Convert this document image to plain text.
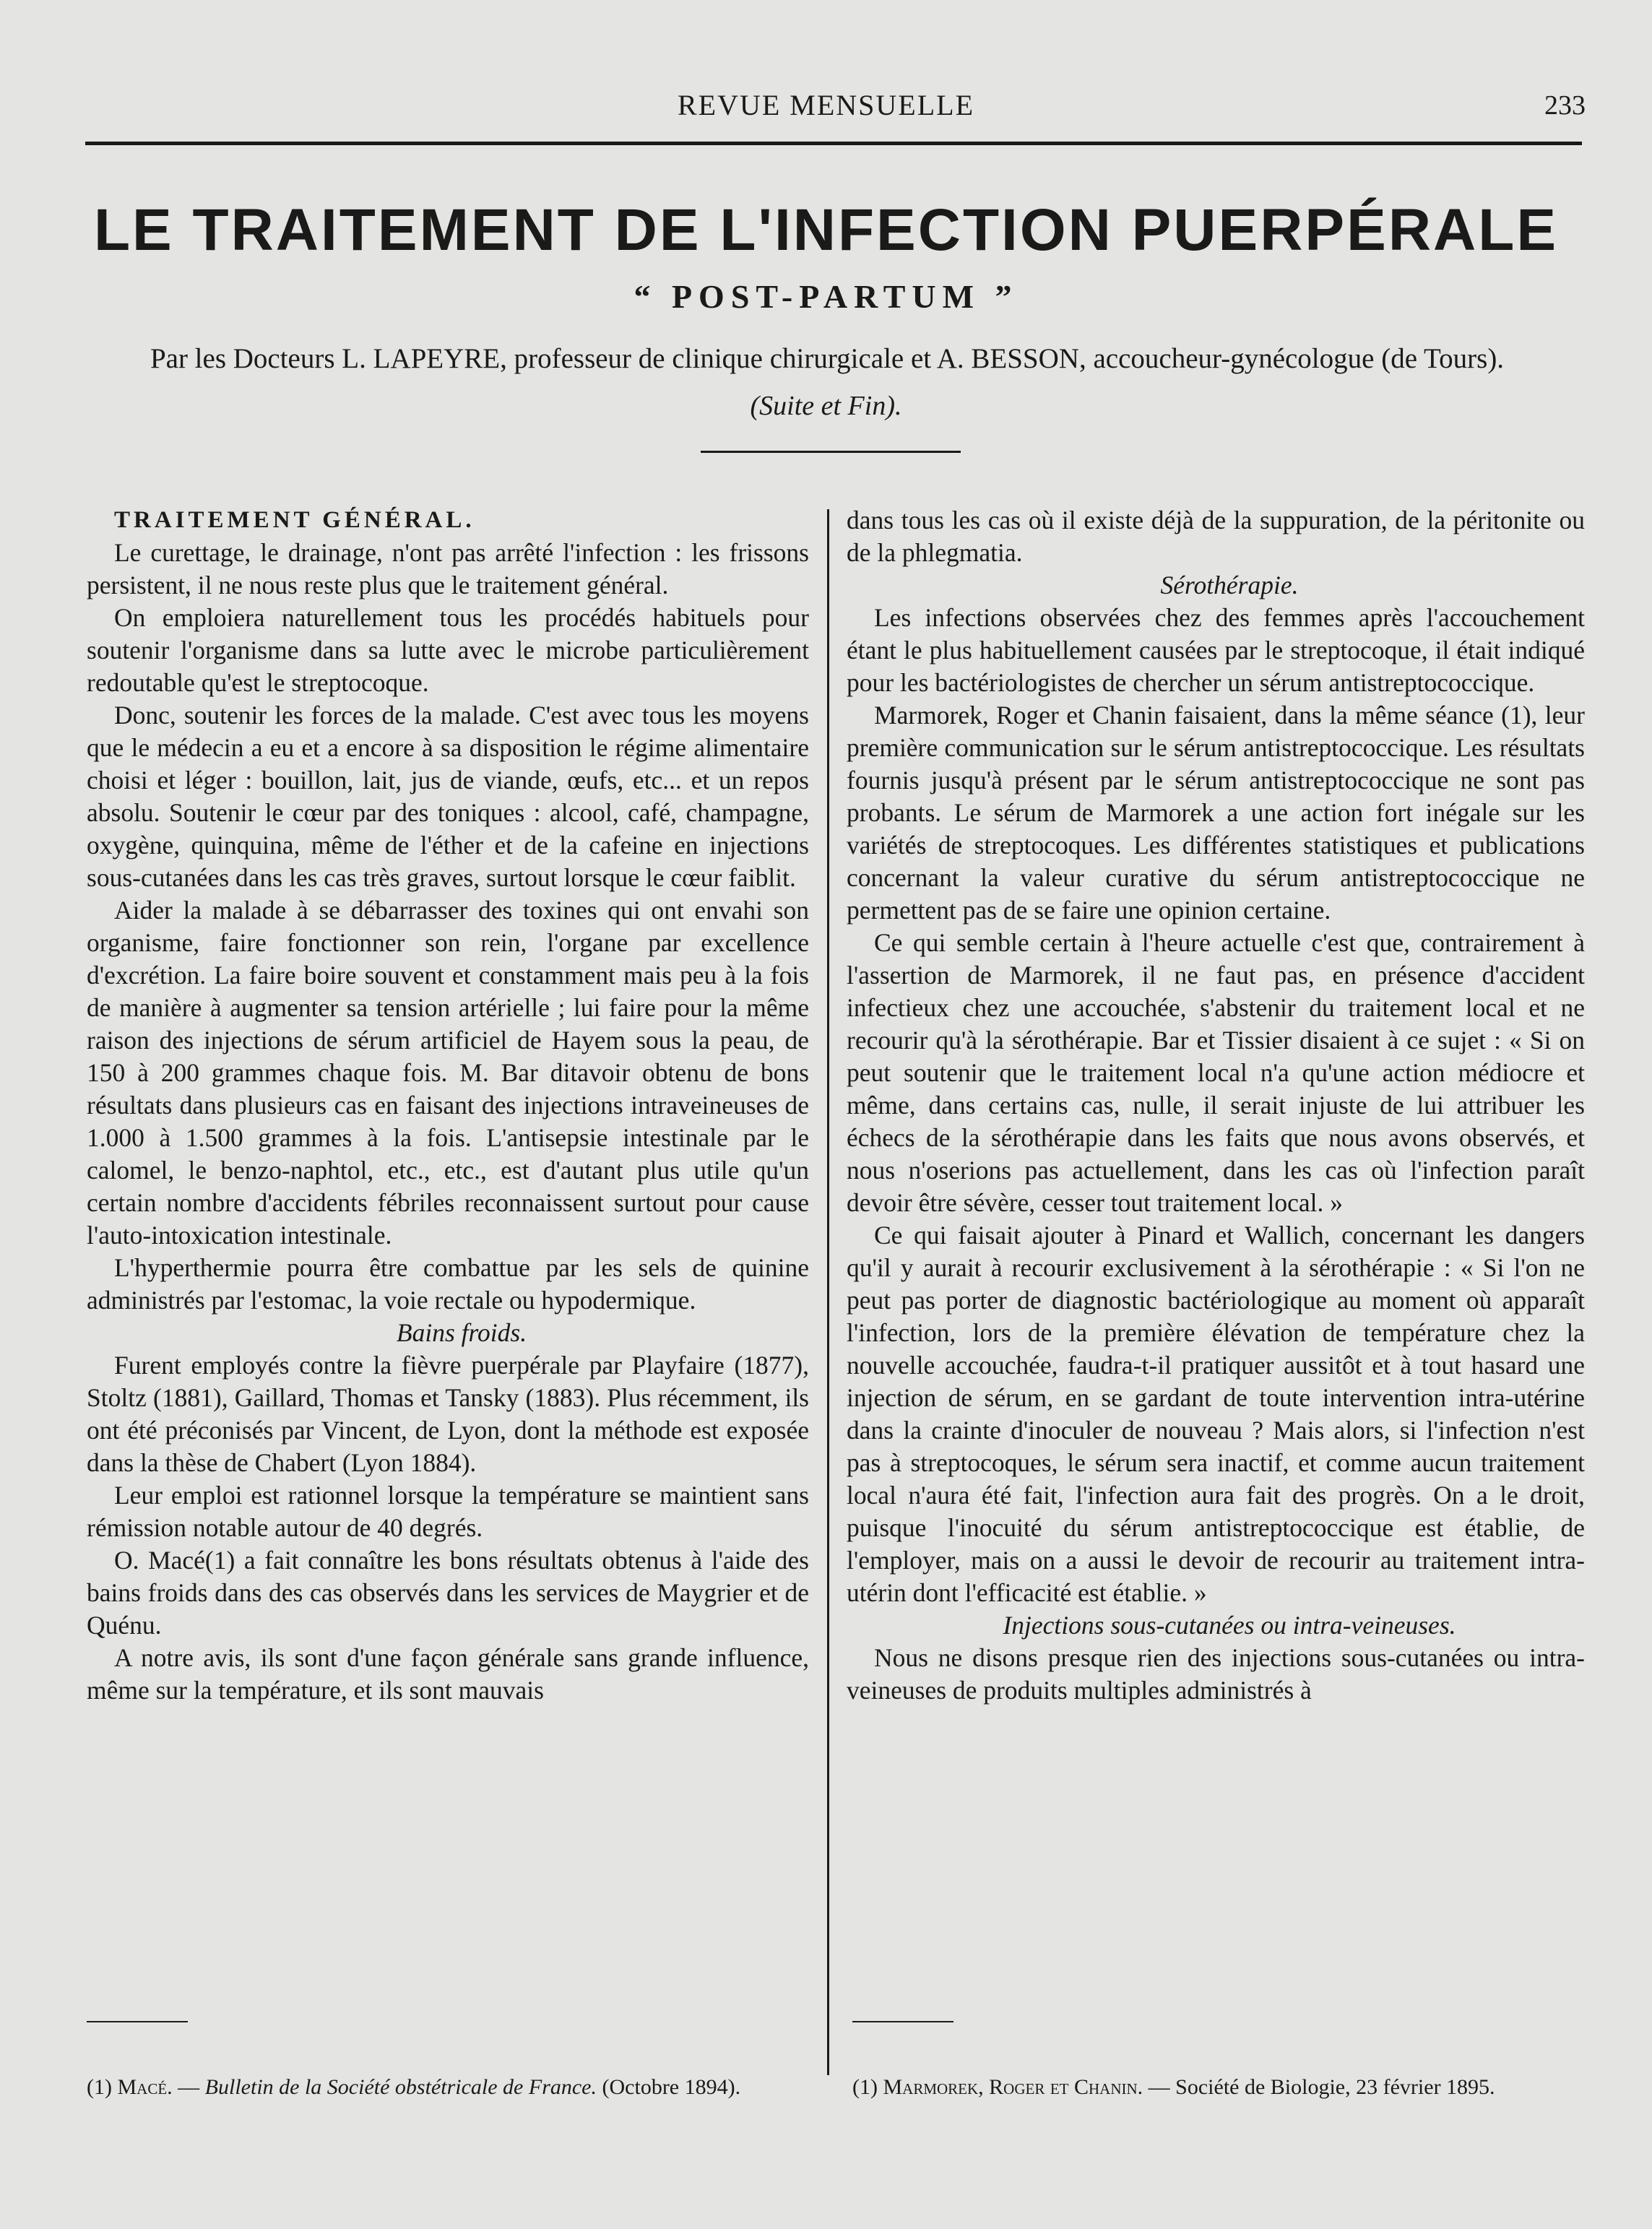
REVUE MENSUELLE	233
LE TRAITEMENT DE L'INFECTION PUERPÉRALE
“ POST-PARTUM ”
Par les Docteurs L. LAPEYRE, professeur de clinique chirurgicale et A. BESSON, accoucheur-gynécologue (de Tours).
(Suite et Fin).

TRAITEMENT GÉNÉRAL.

Le curettage, le drainage, n'ont pas arrêté l'infection : les frissons persistent, il ne nous reste plus que le traitement général.

On emploiera naturellement tous les procédés habituels pour soutenir l'organisme dans sa lutte avec le microbe particulièrement redoutable qu'est le streptocoque.

Donc, soutenir les forces de la malade. C'est avec tous les moyens que le médecin a eu et a encore à sa disposition le régime alimentaire choisi et léger : bouillon, lait, jus de viande, œufs, etc... et un repos absolu. Soutenir le cœur par des toniques : alcool, café, champagne, oxygène, quinquina, même de l'éther et de la cafeine en injections sous-cutanées dans les cas très graves, surtout lorsque le cœur faiblit.

Aider la malade à se débarrasser des toxines qui ont envahi son organisme, faire fonctionner son rein, l'organe par excellence d'excrétion. La faire boire souvent et constamment mais peu à la fois de manière à augmenter sa tension artérielle ; lui faire pour la même raison des injections de sérum artificiel de Hayem sous la peau, de 150 à 200 grammes chaque fois. M. Bar ditavoir obtenu de bons résultats dans plusieurs cas en faisant des injections intraveineuses de 1.000 à 1.500 grammes à la fois. L'antisepsie intestinale par le calomel, le benzo-naphtol, etc., etc., est d'autant plus utile qu'un certain nombre d'accidents fébriles reconnaissent surtout pour cause l'auto-intoxication intestinale.

L'hyperthermie pourra être combattue par les sels de quinine administrés par l'estomac, la voie rectale ou hypodermique.

Bains froids.

Furent employés contre la fièvre puerpérale par Playfaire (1877), Stoltz (1881), Gaillard, Thomas et Tansky (1883). Plus récemment, ils ont été préconisés par Vincent, de Lyon, dont la méthode est exposée dans la thèse de Chabert (Lyon 1884).

Leur emploi est rationnel lorsque la température se maintient sans rémission notable autour de 40 degrés.

O. Macé(1) a fait connaître les bons résultats obtenus à l'aide des bains froids dans des cas observés dans les services de Maygrier et de Quénu.

A notre avis, ils sont d'une façon générale sans grande influence, même sur la température, et ils sont mauvais

dans tous les cas où il existe déjà de la suppuration, de la péritonite ou de la phlegmatia.

Sérothérapie.

Les infections observées chez des femmes après l'accouchement étant le plus habituellement causées par le streptocoque, il était indiqué pour les bactériologistes de chercher un sérum antistreptococcique.

Marmorek, Roger et Chanin faisaient, dans la même séance (1), leur première communication sur le sérum antistreptococcique. Les résultats fournis jusqu'à présent par le sérum antistreptococcique ne sont pas probants. Le sérum de Marmorek a une action fort inégale sur les variétés de streptocoques. Les différentes statistiques et publications concernant la valeur curative du sérum antistreptococcique ne permettent pas de se faire une opinion certaine.

Ce qui semble certain à l'heure actuelle c'est que, contrairement à l'assertion de Marmorek, il ne faut pas, en présence d'accident infectieux chez une accouchée, s'abstenir du traitement local et ne recourir qu'à la sérothérapie. Bar et Tissier disaient à ce sujet : « Si on peut soutenir que le traitement local n'a qu'une action médiocre et même, dans certains cas, nulle, il serait injuste de lui attribuer les échecs de la sérothérapie dans les faits que nous avons observés, et nous n'oserions pas actuellement, dans les cas où l'infection paraît devoir être sévère, cesser tout traitement local. »

Ce qui faisait ajouter à Pinard et Wallich, concernant les dangers qu'il y aurait à recourir exclusivement à la sérothérapie : « Si l'on ne peut pas porter de diagnostic bactériologique au moment où apparaît l'infection, lors de la première élévation de température chez la nouvelle accouchée, faudra-t-il pratiquer aussitôt et à tout hasard une injection de sérum, en se gardant de toute intervention intra-utérine dans la crainte d'inoculer de nouveau ? Mais alors, si l'infection n'est pas à streptocoques, le sérum sera inactif, et comme aucun traitement local n'aura été fait, l'infection aura fait des progrès. On a le droit, puisque l'inocuité du sérum antistreptococcique est établie, de l'employer, mais on a aussi le devoir de recourir au traitement intra-utérin dont l'efficacité est établie. »

Injections sous-cutanées ou intra-veineuses.

Nous ne disons presque rien des injections sous-cutanées ou intra-veineuses de produits multiples administrés à

(1) Macé. — Bulletin de la Société obstétricale de France. (Octobre 1894).	(1) Marmorek, Roger et Chanin. — Société de Biologie, 23 février 1895.
